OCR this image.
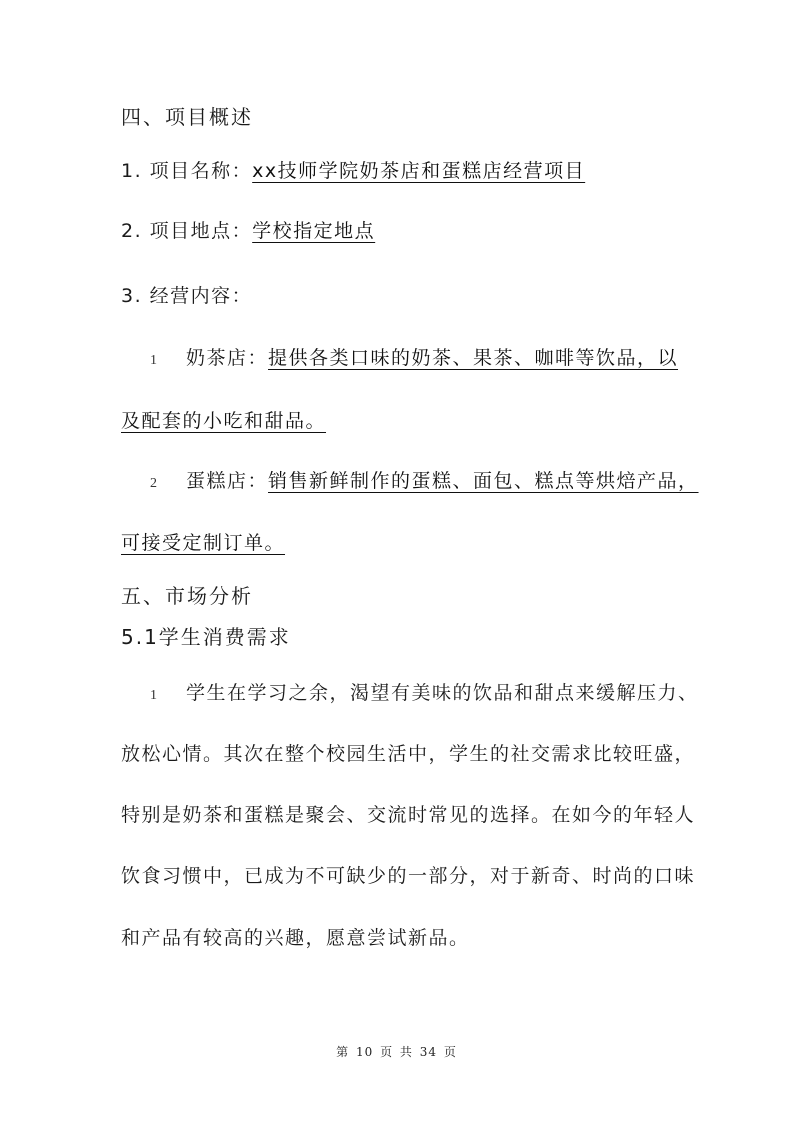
四、项目概述
1. 项目名称：xx技师学院奶茶店和蛋糕店经营项目
2. 项目地点：学校指定地点
3. 经营内容：
1 奶茶店：提供各类口味的奶茶、果茶、咖啡等饮品，以
及配套的小吃和甜品。
2 蛋糕店：销售新鲜制作的蛋糕、面包、糕点等烘焙产品，
可接受定制订单。
五、市场分析
5.1学生消费需求
1 学生在学习之余，渴望有美味的饮品和甜点来缓解压力、
放松心情。其次在整个校园生活中，学生的社交需求比较旺盛，
特别是奶茶和蛋糕是聚会、交流时常见的选择。在如今的年轻人
饮食习惯中，已成为不可缺少的一部分，对于新奇、时尚的口味
和产品有较高的兴趣，愿意尝试新品。
第 10 页 共 34 页
